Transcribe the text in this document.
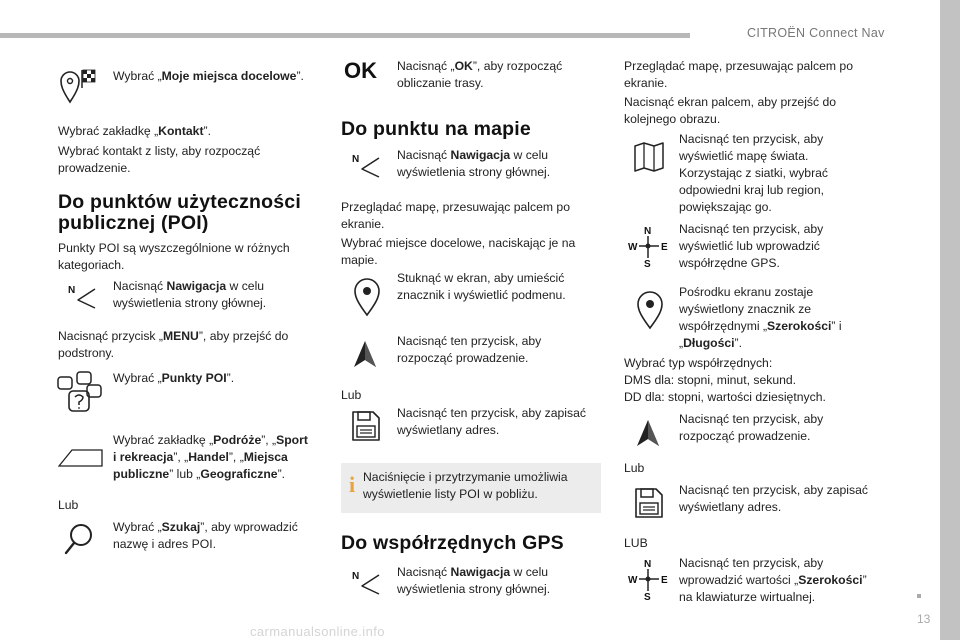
CITROËN Connect Nav
13
carmanualsonline.info
Wybrać „Moje miejsca docelowe”.
Wybrać zakładkę „Kontakt”.
Wybrać kontakt z listy, aby rozpocząć prowadzenie.
Do punktów użyteczności publicznej (POI)
Punkty POI są wyszczególnione w różnych kategoriach.
N	Nacisnąć Nawigacja w celu wyświetlenia strony głównej.
Nacisnąć przycisk „MENU”, aby przejść do podstrony.
Wybrać „Punkty POI”.
Wybrać zakładkę „Podróże”, „Sport i rekreacja”, „Handel”, „Miejsca publiczne” lub „Geograficzne”.
Lub
Wybrać „Szukaj”, aby wprowadzić nazwę i adres POI.
OK Nacisnąć „OK”, aby rozpocząć obliczanie trasy.
Do punktu na mapie
N	Nacisnąć Nawigacja w celu wyświetlenia strony głównej.
Przeglądać mapę, przesuwając palcem po ekranie.
Wybrać miejsce docelowe, naciskając je na mapie.
Stuknąć w ekran, aby umieścić znacznik i wyświetlić podmenu.
Nacisnąć ten przycisk, aby rozpocząć prowadzenie.
Lub
Nacisnąć ten przycisk, aby zapisać wyświetlany adres.
i Naciśnięcie i przytrzymanie umożliwia wyświetlenie listy POI w pobliżu.
Do współrzędnych GPS
N	Nacisnąć Nawigacja w celu wyświetlenia strony głównej.
Przeglądać mapę, przesuwając palcem po ekranie.
Nacisnąć ekran palcem, aby przejść do kolejnego obrazu.
Nacisnąć ten przycisk, aby wyświetlić mapę świata. Korzystając z siatki, wybrać odpowiedni kraj lub region, powiększając go.
N
W E
S
Nacisnąć ten przycisk, aby wyświetlić lub wprowadzić współrzędne GPS.
Pośrodku ekranu zostaje wyświetlony znacznik ze współrzędnymi „Szerokości” i „Długości”.
Wybrać typ współrzędnych:
DMS dla: stopni, minut, sekund.
DD dla: stopni, wartości dziesiętnych.
Nacisnąć ten przycisk, aby rozpocząć prowadzenie.
Lub
Nacisnąć ten przycisk, aby zapisać wyświetlany adres.
LUB
N
W E
S
Nacisnąć ten przycisk, aby wprowadzić wartości „Szerokości” na klawiaturze wirtualnej.
